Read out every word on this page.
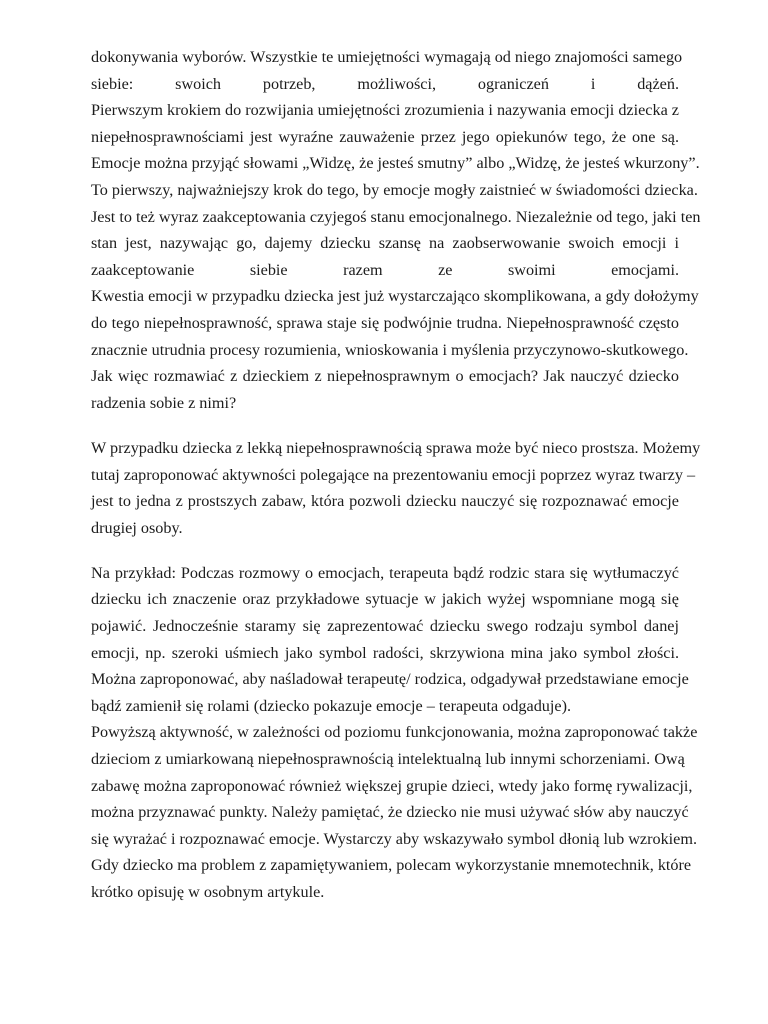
dokonywania wyborów. Wszystkie te umiejętności wymagają od niego znajomości samego
siebie: swoich potrzeb, możliwości, ograniczeń i dążeń.
Pierwszym krokiem do rozwijania umiejętności zrozumienia i nazywania emocji dziecka z
niepełnosprawnościami jest wyraźne zauważenie przez jego opiekunów tego, że one są.
Emocje można przyjąć słowami „Widzę, że jesteś smutny” albo „Widzę, że jesteś wkurzony”.
To pierwszy, najważniejszy krok do tego, by emocje mogły zaistnieć w świadomości dziecka.
Jest to też wyraz zaakceptowania czyjegoś stanu emocjonalnego. Niezależnie od tego, jaki ten
stan jest, nazywając go, dajemy dziecku szansę na zaobserwowanie swoich emocji i
zaakceptowanie siebie razem ze swoimi emocjami.
Kwestia emocji w przypadku dziecka jest już wystarczająco skomplikowana, a gdy dołożymy
do tego niepełnosprawność, sprawa staje się podwójnie trudna. Niepełnosprawność często
znacznie utrudnia procesy rozumienia, wnioskowania i myślenia przyczynowo-skutkowego.
Jak więc rozmawiać z dzieckiem z niepełnosprawnym o emocjach? Jak nauczyć dziecko
radzenia sobie z nimi?
W przypadku dziecka z lekką niepełnosprawnością sprawa może być nieco prostsza. Możemy
tutaj zaproponować aktywności polegające na prezentowaniu emocji poprzez wyraz twarzy –
jest to jedna z prostszych zabaw, która pozwoli dziecku nauczyć się rozpoznawać emocje
drugiej osoby.
Na przykład: Podczas rozmowy o emocjach, terapeuta bądź rodzic stara się wytłumaczyć
dziecku ich znaczenie oraz przykładowe sytuacje w jakich wyżej wspomniane mogą się
pojawić. Jednocześnie staramy się zaprezentować dziecku swego rodzaju symbol danej
emocji, np. szeroki uśmiech jako symbol radości, skrzywiona mina jako symbol złości.
Można zaproponować, aby naśladował terapeutę/ rodzica, odgadywał przedstawiane emocje
bądź zamienił się rolami (dziecko pokazuje emocje – terapeuta odgaduje).
Powyższą aktywność, w zależności od poziomu funkcjonowania, można zaproponować także
dzieciom z umiarkowaną niepełnosprawnością intelektualną lub innymi schorzeniami. Ową
zabawę można zaproponować również większej grupie dzieci, wtedy jako formę rywalizacji,
można przyznawać punkty. Należy pamiętać, że dziecko nie musi używać słów aby nauczyć
się wyrażać i rozpoznawać emocje. Wystarczy aby wskazywało symbol dłonią lub wzrokiem.
Gdy dziecko ma problem z zapamiętywaniem, polecam wykorzystanie mnemotechnik, które
krótko opisuję w osobnym artykule.
